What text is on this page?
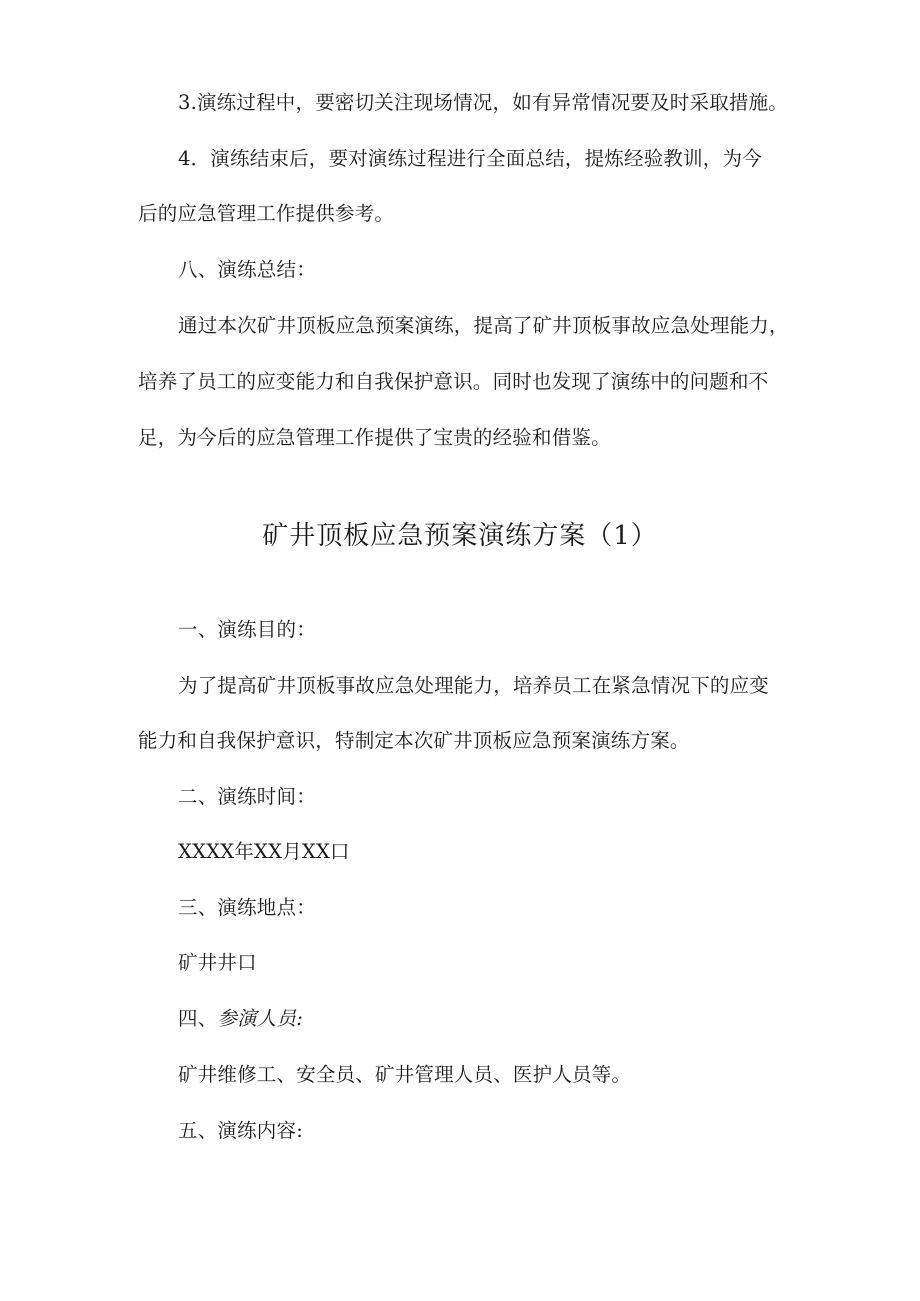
3.演练过程中，要密切关注现场情况，如有异常情况要及时采取措施。
4．演练结束后，要对演练过程进行全面总结，提炼经验教训，为今
后的应急管理工作提供参考。
八、演练总结：
通过本次矿井顶板应急预案演练，提高了矿井顶板事故应急处理能力，
培养了员工的应变能力和自我保护意识。同时也发现了演练中的问题和不
足，为今后的应急管理工作提供了宝贵的经验和借鉴。
矿井顶板应急预案演练方案（1）
一、演练目的：
为了提高矿井顶板事故应急处理能力，培养员工在紧急情况下的应变
能力和自我保护意识，特制定本次矿井顶板应急预案演练方案。
二、演练时间：
XXXX年XX月XX口
三、演练地点：
矿井井口
四、参演人员:
矿井维修工、安全员、矿井管理人员、医护人员等。
五、演练内容:
